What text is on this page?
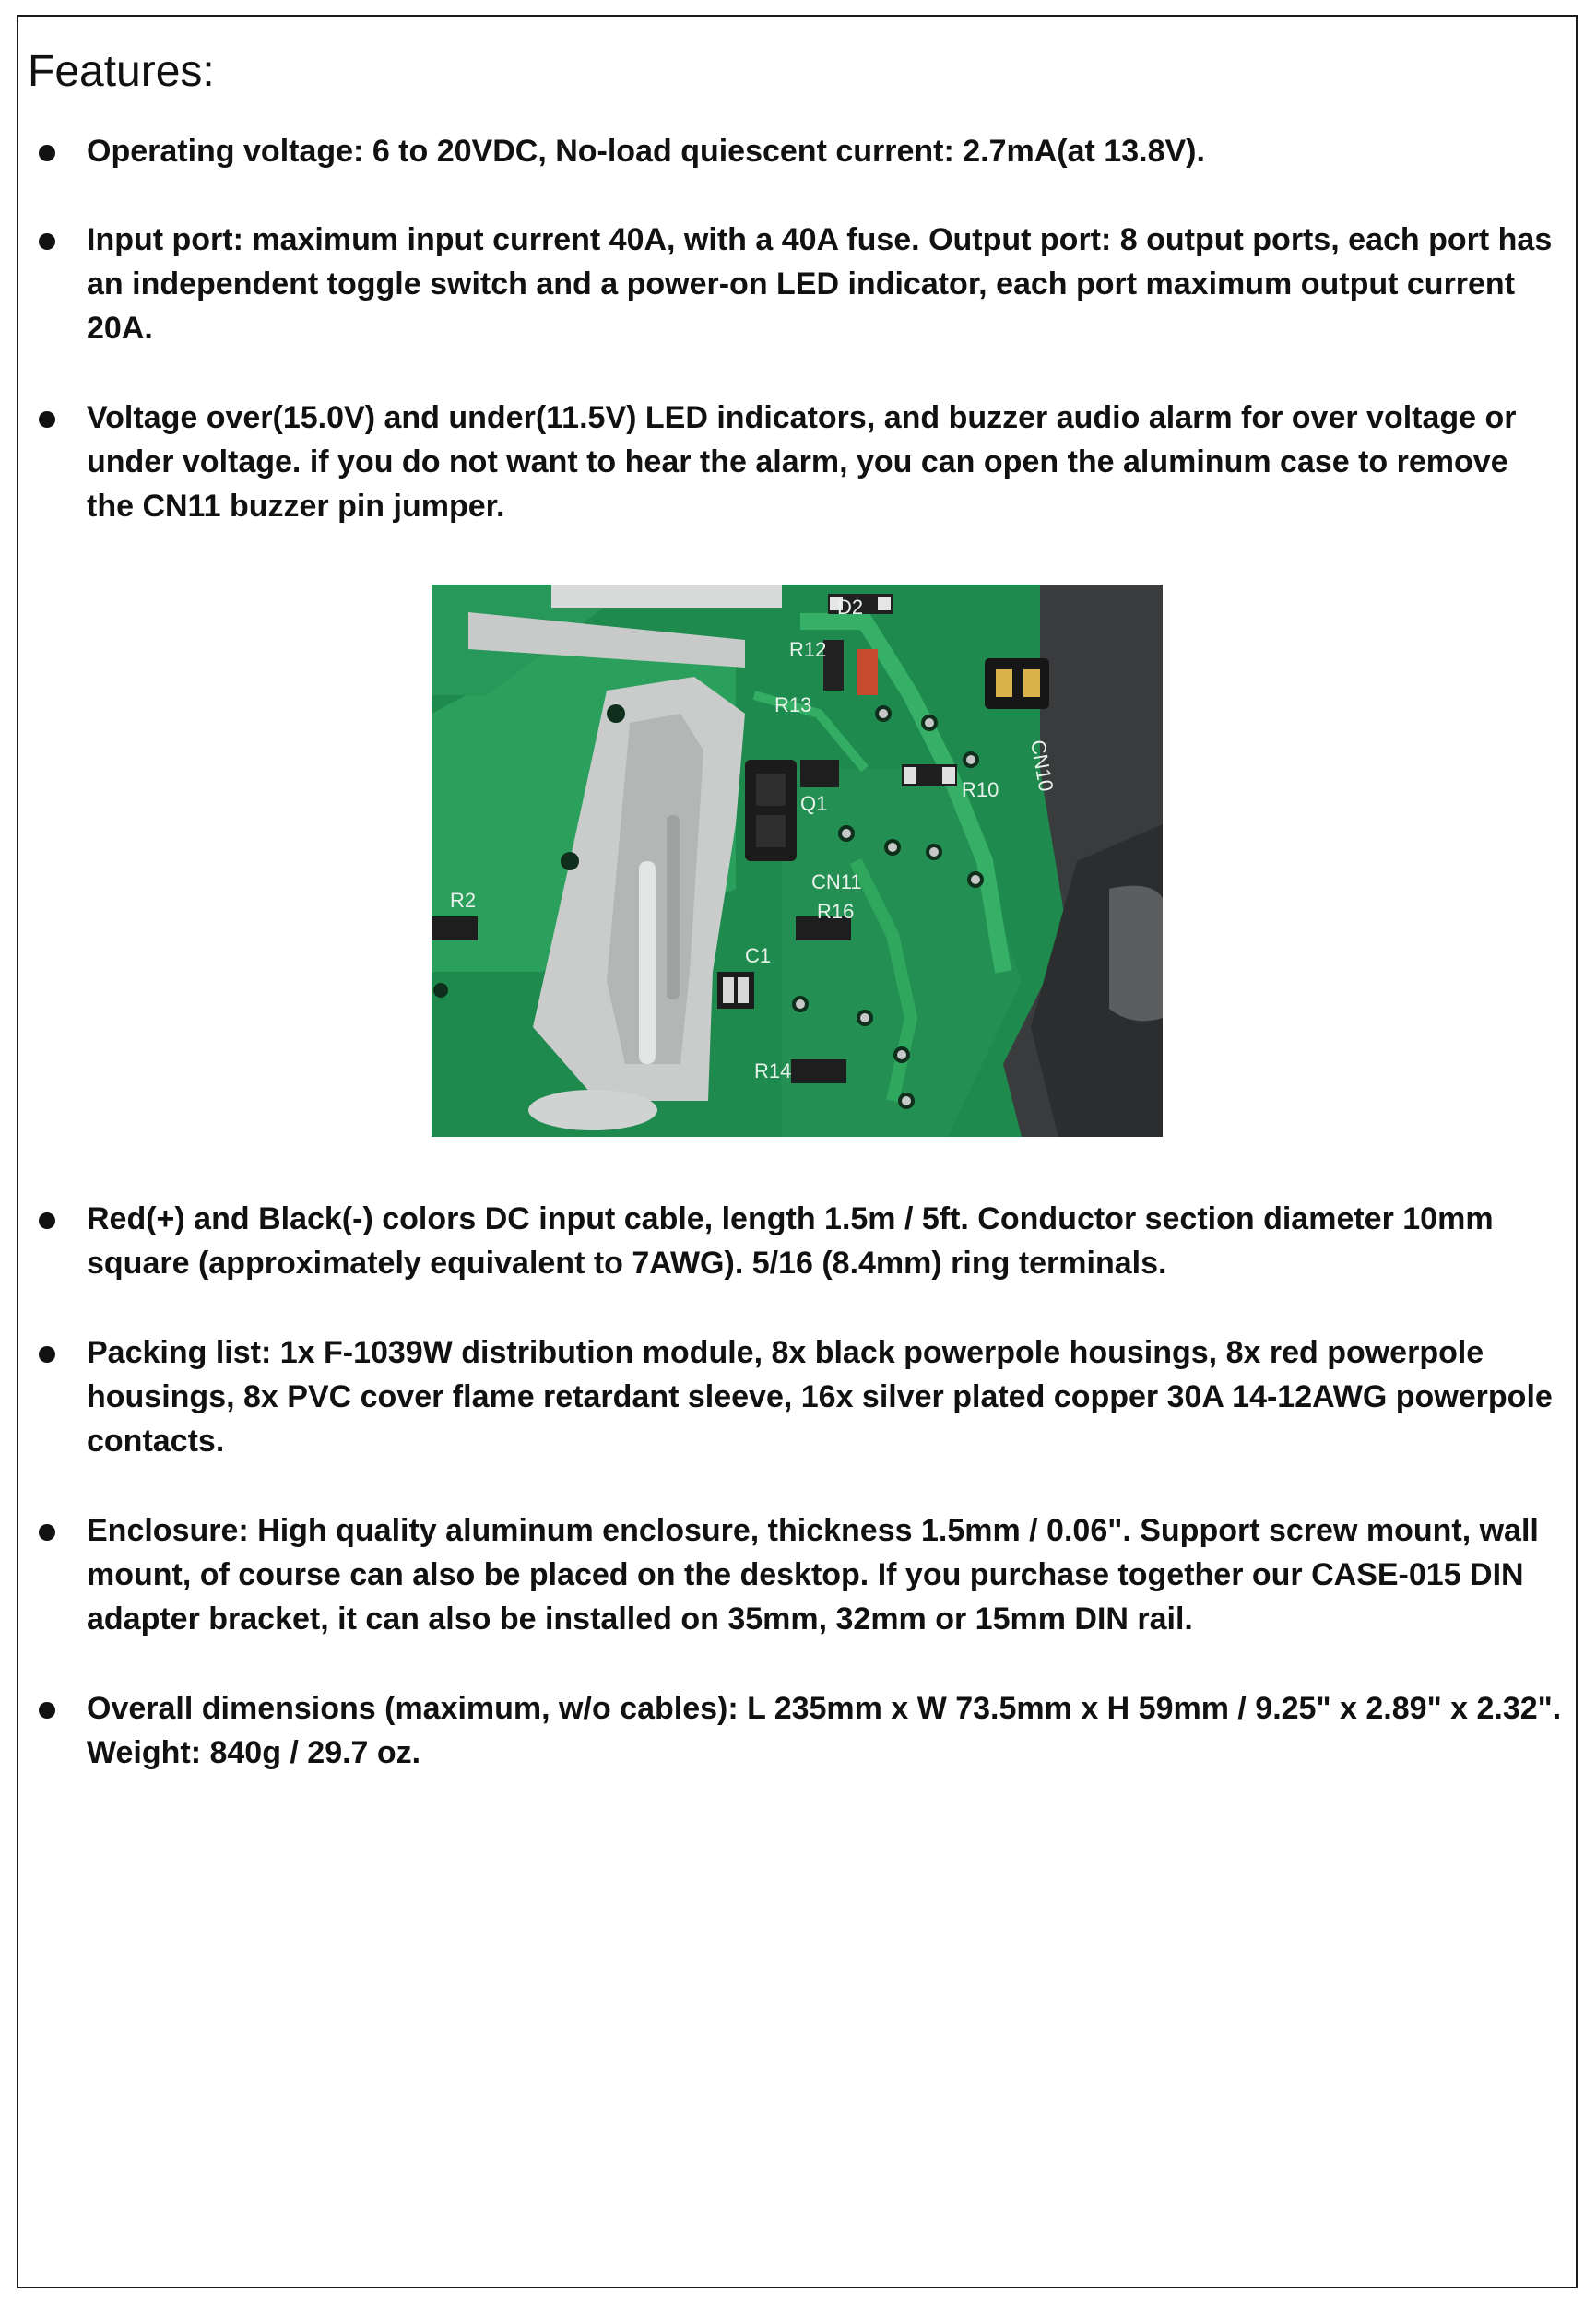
Features:
Operating voltage: 6 to 20VDC, No-load quiescent current: 2.7mA(at 13.8V).
Input port: maximum input current 40A, with a 40A fuse. Output port: 8 output ports, each port has an independent toggle switch and a power-on LED indicator, each port maximum output current 20A.
Voltage over(15.0V) and under(11.5V) LED indicators, and buzzer audio alarm for over voltage or under voltage. if you do not want to hear the alarm, you can open the aluminum case to remove the CN11 buzzer pin jumper.
D2
R12
R13
R10
Q1
CN11
R16
C1
R2
R14
CN10
Red(+) and Black(-) colors DC input cable, length 1.5m / 5ft. Conductor section diameter 10mm square (approximately equivalent to 7AWG). 5/16 (8.4mm) ring terminals.
Packing list: 1x F-1039W distribution module, 8x black powerpole housings, 8x red powerpole housings, 8x PVC cover flame retardant sleeve, 16x silver plated copper 30A 14-12AWG powerpole contacts.
Enclosure: High quality aluminum enclosure, thickness 1.5mm / 0.06". Support screw mount, wall mount, of course can also be placed on the desktop. If you purchase together our CASE-015 DIN adapter bracket, it can also be installed on 35mm, 32mm or 15mm DIN rail.
Overall dimensions (maximum, w/o cables): L 235mm x W 73.5mm x H 59mm / 9.25" x 2.89" x 2.32". Weight: 840g / 29.7 oz.
